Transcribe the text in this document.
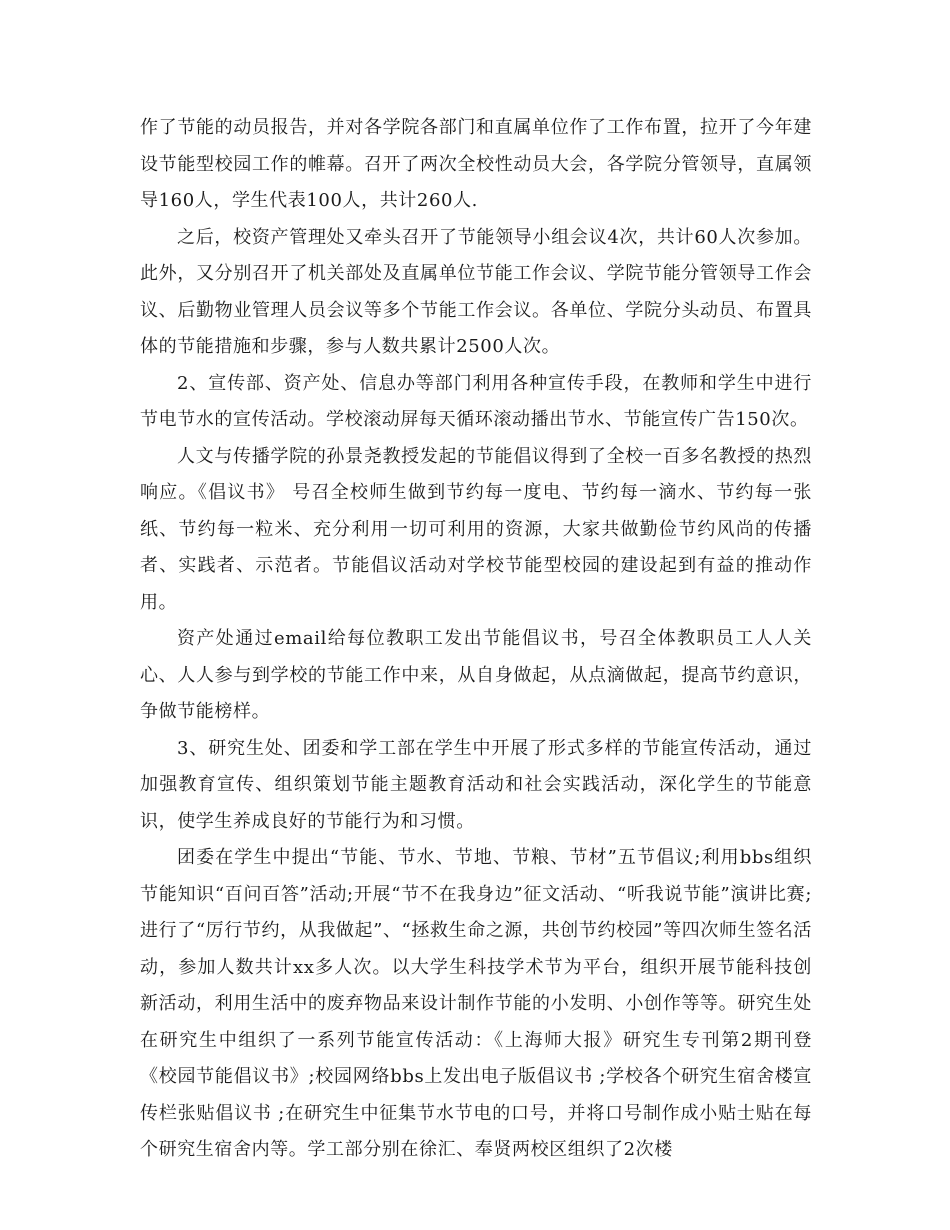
作了节能的动员报告，并对各学院各部门和直属单位作了工作布置，拉开了今年建设节能型校园工作的帷幕。召开了两次全校性动员大会，各学院分管领导，直属领导160人，学生代表100人，共计260人.

之后，校资产管理处又牵头召开了节能领导小组会议4次，共计60人次参加。此外，又分别召开了机关部处及直属单位节能工作会议、学院节能分管领导工作会议、后勤物业管理人员会议等多个节能工作会议。各单位、学院分头动员、布置具体的节能措施和步骤，参与人数共累计2500人次。

2、宣传部、资产处、信息办等部门利用各种宣传手段，在教师和学生中进行节电节水的宣传活动。学校滚动屏每天循环滚动播出节水、节能宣传广告150次。

人文与传播学院的孙景尧教授发起的节能倡议得到了全校一百多名教授的热烈响应。《倡议书》 号召全校师生做到节约每一度电、节约每一滴水、节约每一张纸、节约每一粒米、充分利用一切可利用的资源，大家共做勤俭节约风尚的传播者、实践者、示范者。节能倡议活动对学校节能型校园的建设起到有益的推动作用。

资产处通过email给每位教职工发出节能倡议书，号召全体教职员工人人关心、人人参与到学校的节能工作中来，从自身做起，从点滴做起，提高节约意识，争做节能榜样。

3、研究生处、团委和学工部在学生中开展了形式多样的节能宣传活动，通过加强教育宣传、组织策划节能主题教育活动和社会实践活动，深化学生的节能意识，使学生养成良好的节能行为和习惯。

团委在学生中提出“节能、节水、节地、节粮、节材”五节倡议;利用bbs组织节能知识“百问百答”活动;开展“节不在我身边”征文活动、“听我说节能”演讲比赛;进行了“厉行节约，从我做起”、“拯救生命之源，共创节约校园”等四次师生签名活动，参加人数共计xx多人次。以大学生科技学术节为平台，组织开展节能科技创新活动，利用生活中的废弃物品来设计制作节能的小发明、小创作等等。研究生处在研究生中组织了一系列节能宣传活动：《上海师大报》研究生专刊第2期刊登《校园节能倡议书》;校园网络bbs上发出电子版倡议书 ;学校各个研究生宿舍楼宣传栏张贴倡议书 ;在研究生中征集节水节电的口号，并将口号制作成小贴士贴在每个研究生宿舍内等。学工部分别在徐汇、奉贤两校区组织了2次楼
